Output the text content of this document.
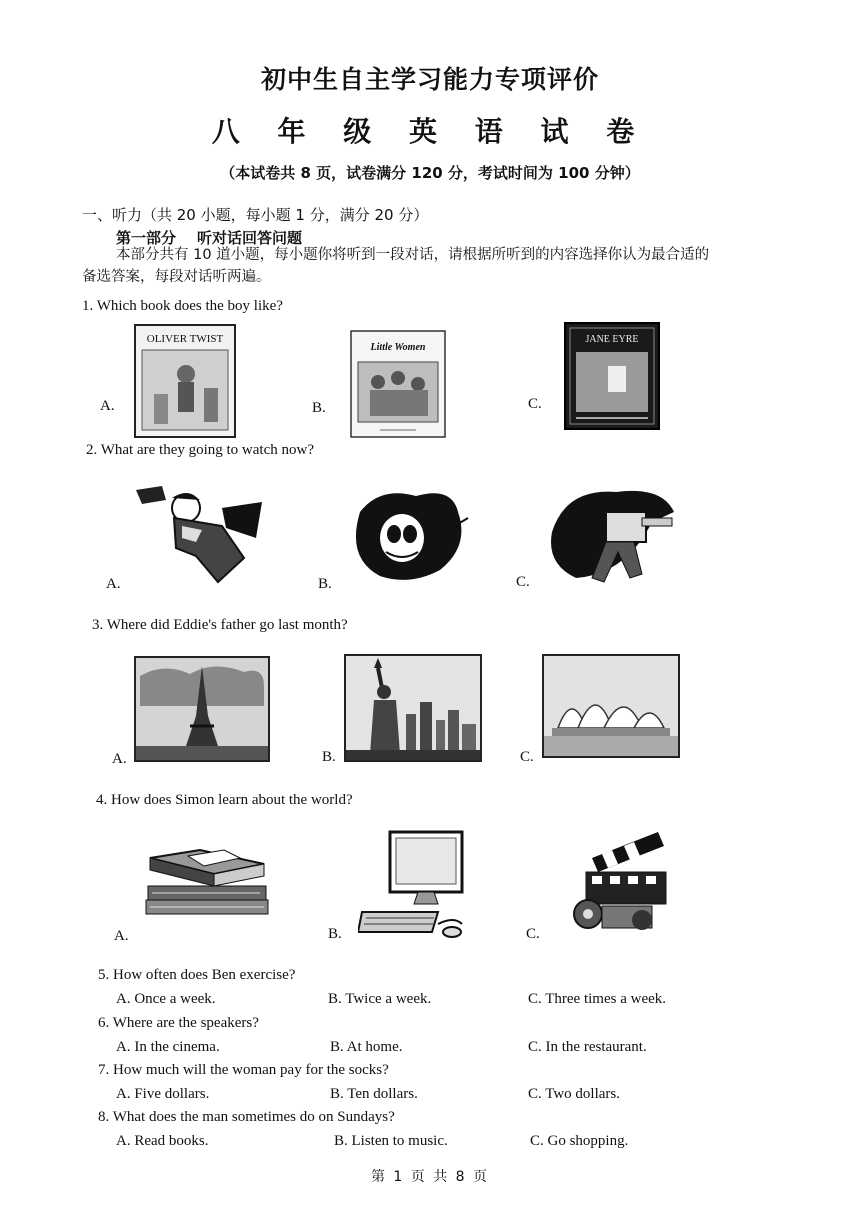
初中生自主学习能力专项评价
八 年 级 英 语 试 卷
（本试卷共 8 页，试卷满分 120 分，考试时间为 100 分钟）
一、听力（共 20 小题，每小题 1 分，满分 20 分）
第一部分 听对话回答问题
本部分共有 10 道小题，每小题你将听到一段对话，请根据所听到的内容选择你认为最合适的
备选答案，每段对话听两遍。
1. Which book does the boy like?
A.	B.	C.
OLIVER TWIST
Little Women
JANE EYRE
2. What are they going to watch now?
A.	B.	C.
3. Where did Eddie's father go last month?
A.	B.	C.
4. How does Simon learn about the world?
A.	B.	C.
5. How often does Ben exercise?
A. Once a week.	B. Twice a week.	C. Three times a week.
6. Where are the speakers?
A. In the cinema.	B. At home.	C. In the restaurant.
7. How much will the woman pay for the socks?
A. Five dollars.	B. Ten dollars.	C. Two dollars.
8. What does the man sometimes do on Sundays?
A. Read books.	B. Listen to music.	C. Go shopping.
第 1 页 共 8 页
